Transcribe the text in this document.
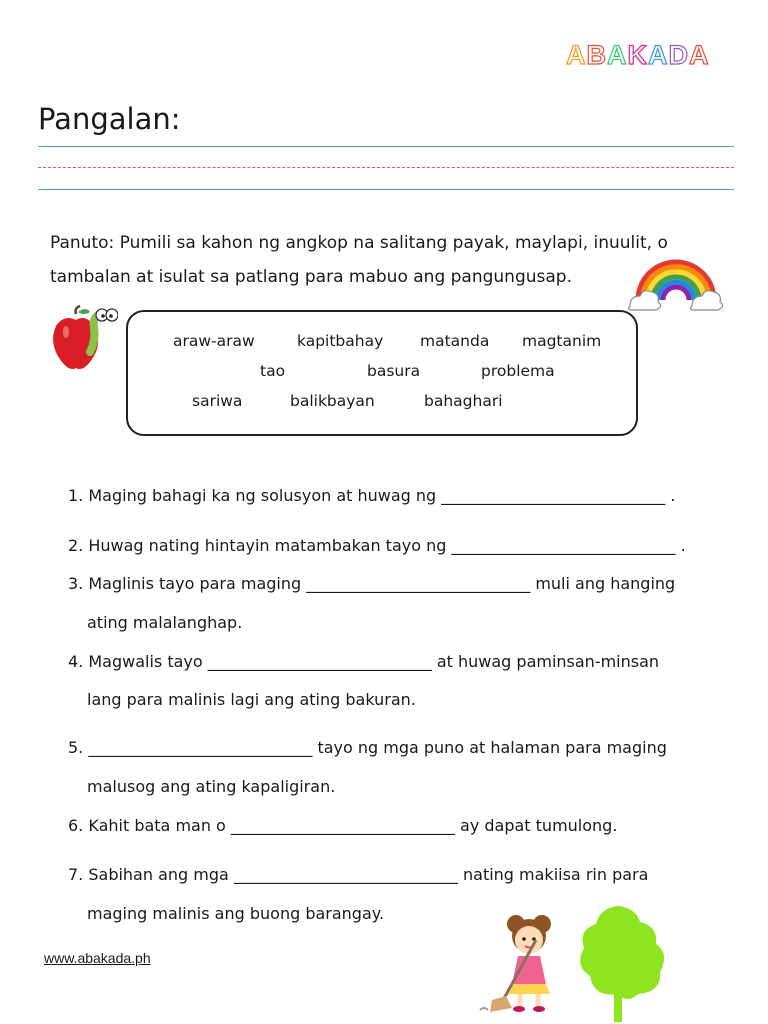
A B A K A D A
Pangalan:
Panuto: Pumili sa kahon ng angkop na salitang payak, maylapi, inuulit, o tambalan at isulat sa patlang para mabuo ang pangungusap.
araw-araw	kapitbahay matanda magtanim
tao	basura	problema
sariwa	balikbayan	bahaghari
1. Maging bahagi ka ng solusyon at huwag ng ____________________________ .
2. Huwag nating hintayin matambakan tayo ng ____________________________ .
3. Maglinis tayo para maging ____________________________ muli ang hanging
ating malalanghap.
4. Magwalis tayo ____________________________ at huwag paminsan-minsan
lang para malinis lagi ang ating bakuran.
5. ____________________________ tayo ng mga puno at halaman para maging
malusog ang ating kapaligiran.
6. Kahit bata man o ____________________________ ay dapat tumulong.
7. Sabihan ang mga ____________________________ nating makiisa rin para
maging malinis ang buong barangay.
www.abakada.ph
